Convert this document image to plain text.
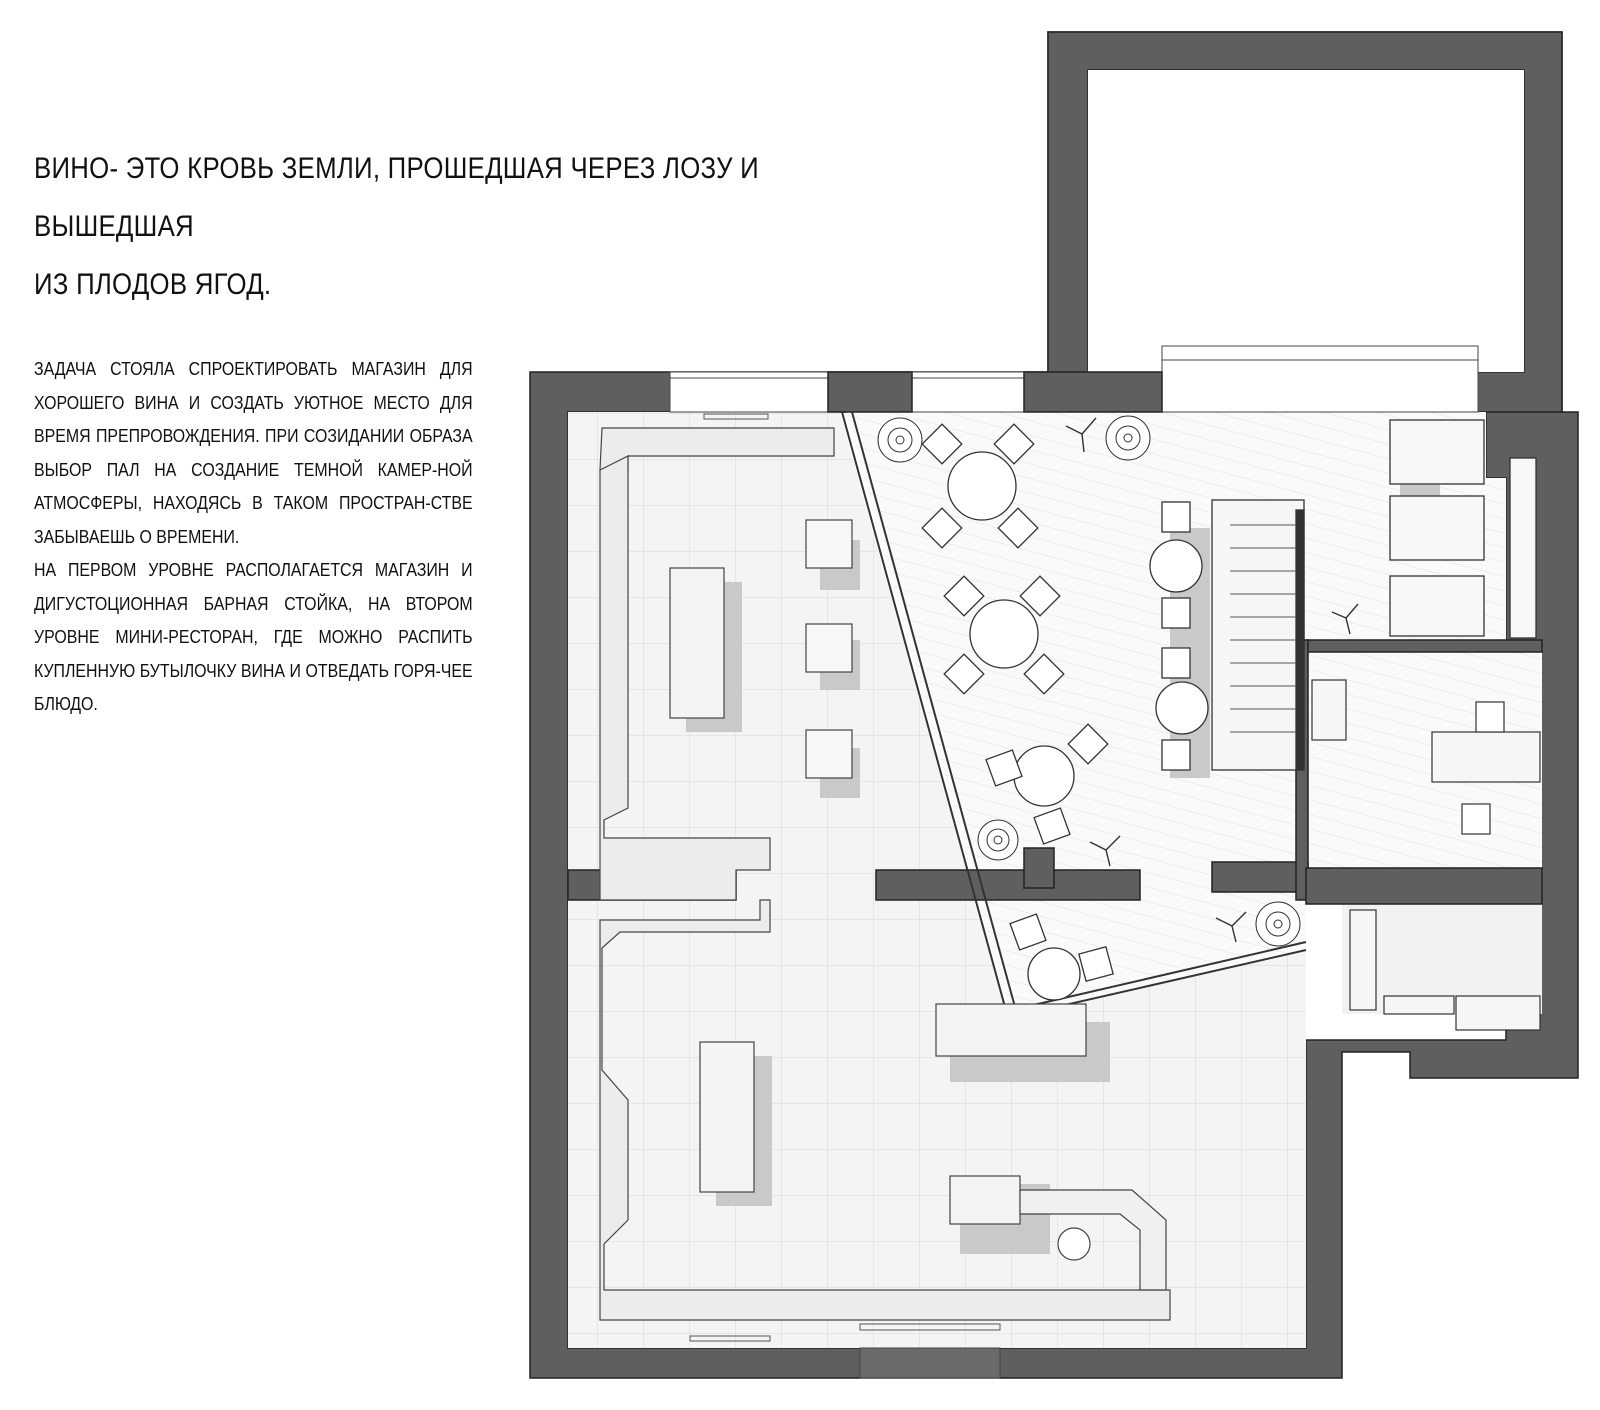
ВИНО- ЭТО КРОВЬ ЗЕМЛИ, ПРОШЕДШАЯ ЧЕРЕЗ ЛОЗУ И ВЫШЕДШАЯ
ИЗ ПЛОДОВ ЯГОД.

ЗАДАЧА СТОЯЛА СПРОЕКТИРОВАТЬ МАГАЗИН ДЛЯ ХОРОШЕГО ВИНА И СОЗДАТЬ УЮТНОЕ МЕСТО ДЛЯ ВРЕМЯ ПРЕПРОВОЖДЕНИЯ. ПРИ СОЗИДАНИИ ОБРАЗА ВЫБОР ПАЛ НА СОЗДАНИЕ ТЕМНОЙ КАМЕР-НОЙ АТМОСФЕРЫ, НАХОДЯСЬ В ТАКОМ ПРОСТРАН-СТВЕ ЗАБЫВАЕШЬ О ВРЕМЕНИ.

НА ПЕРВОМ УРОВНЕ РАСПОЛАГАЕТСЯ МАГАЗИН И ДИГУСТОЦИОННАЯ БАРНАЯ СТОЙКА, НА ВТОРОМ УРОВНЕ МИНИ-РЕСТОРАН, ГДЕ МОЖНО РАСПИТЬ КУПЛЕННУЮ БУТЫЛОЧКУ ВИНА И ОТВЕДАТЬ ГОРЯ-ЧЕЕ БЛЮДО.
